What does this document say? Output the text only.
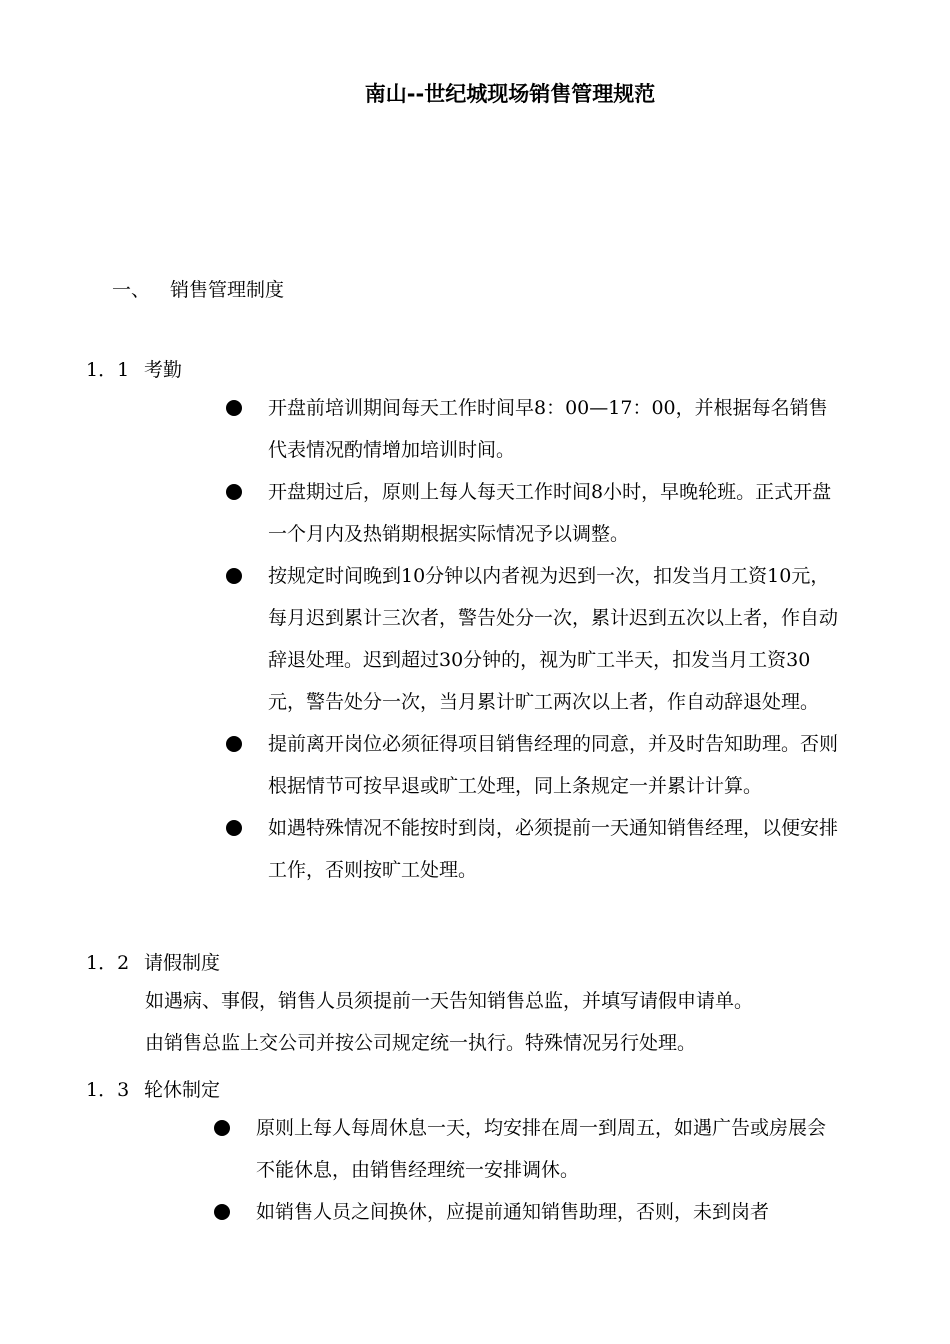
南山--世纪城现场销售管理规范
一、 销售管理制度
1．1 考勤
开盘前培训期间每天工作时间早8：00—17：00，并根据每名销售代表情况酌情增加培训时间。
开盘期过后，原则上每人每天工作时间8小时，早晚轮班。正式开盘一个月内及热销期根据实际情况予以调整。
按规定时间晚到10分钟以内者视为迟到一次，扣发当月工资10元，每月迟到累计三次者，警告处分一次，累计迟到五次以上者，作自动辞退处理。迟到超过30分钟的，视为旷工半天，扣发当月工资30元，警告处分一次，当月累计旷工两次以上者，作自动辞退处理。
提前离开岗位必须征得项目销售经理的同意，并及时告知助理。否则根据情节可按早退或旷工处理，同上条规定一并累计计算。
如遇特殊情况不能按时到岗，必须提前一天通知销售经理，以便安排工作，否则按旷工处理。
1．2 请假制度
如遇病、事假，销售人员须提前一天告知销售总监，并填写请假申请单。
由销售总监上交公司并按公司规定统一执行。特殊情况另行处理。
1．3 轮休制定
原则上每人每周休息一天，均安排在周一到周五，如遇广告或房展会不能休息，由销售经理统一安排调休。
如销售人员之间换休，应提前通知销售助理，否则，未到岗者
